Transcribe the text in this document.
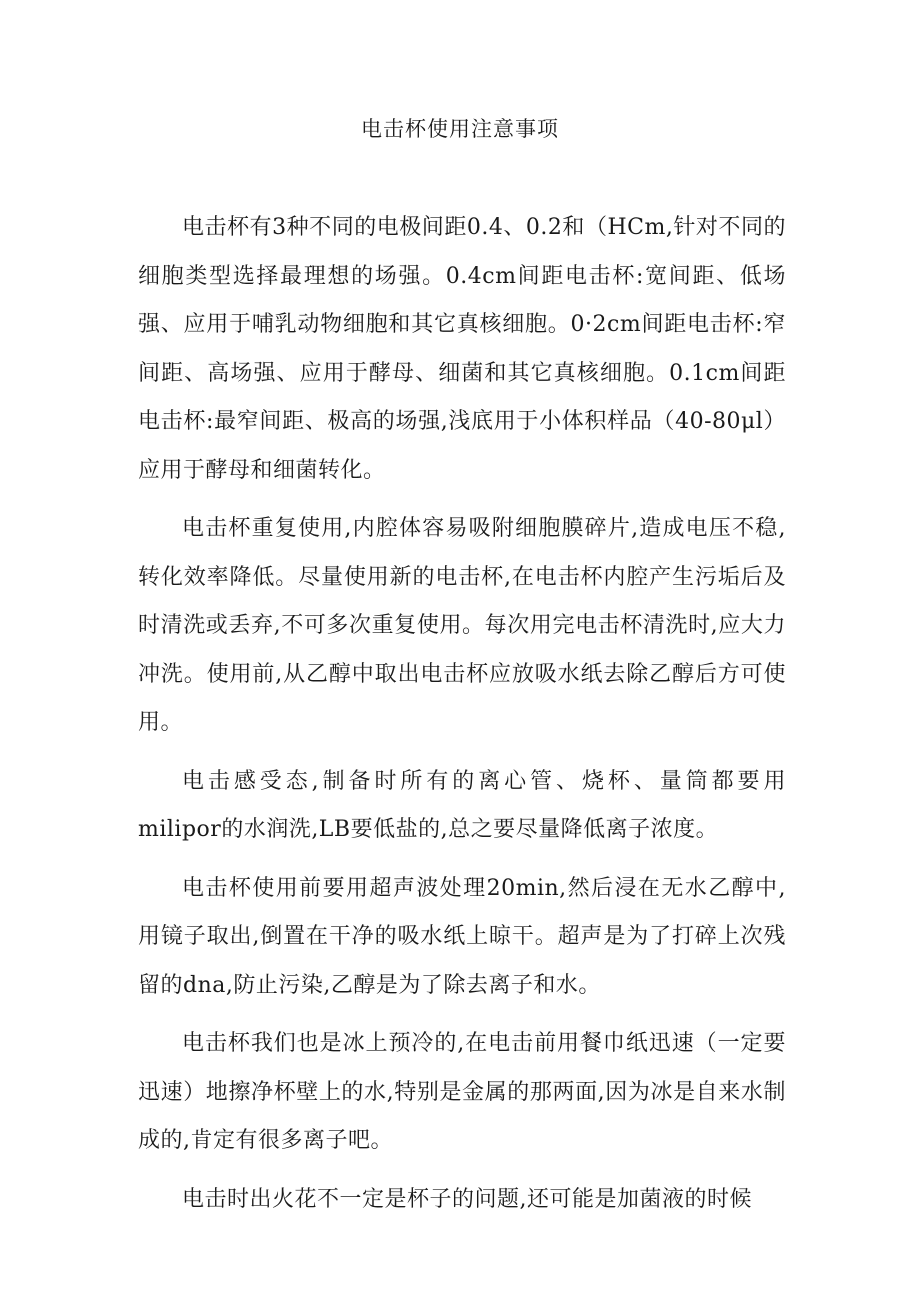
电击杯使用注意事项

电击杯有3种不同的电极间距0.4、0.2和（HCm,针对不同的细胞类型选择最理想的场强。0.4cm间距电击杯:宽间距、低场强、应用于哺乳动物细胞和其它真核细胞。0·2cm间距电击杯:窄间距、高场强、应用于酵母、细菌和其它真核细胞。0.1cm间距电击杯:最窄间距、极高的场强,浅底用于小体积样品（40-80μl）应用于酵母和细菌转化。

电击杯重复使用,内腔体容易吸附细胞膜碎片,造成电压不稳,转化效率降低。尽量使用新的电击杯,在电击杯内腔产生污垢后及时清洗或丢弃,不可多次重复使用。每次用完电击杯清洗时,应大力冲洗。使用前,从乙醇中取出电击杯应放吸水纸去除乙醇后方可使用。

电击感受态,制备时所有的离心管、烧杯、量筒都要用milipor的水润洗,LB要低盐的,总之要尽量降低离子浓度。

电击杯使用前要用超声波处理20min,然后浸在无水乙醇中,用镜子取出,倒置在干净的吸水纸上晾干。超声是为了打碎上次残留的dna,防止污染,乙醇是为了除去离子和水。

电击杯我们也是冰上预冷的,在电击前用餐巾纸迅速（一定要迅速）地擦净杯壁上的水,特别是金属的那两面,因为冰是自来水制成的,肯定有很多离子吧。

电击时出火花不一定是杯子的问题,还可能是加菌液的时候
